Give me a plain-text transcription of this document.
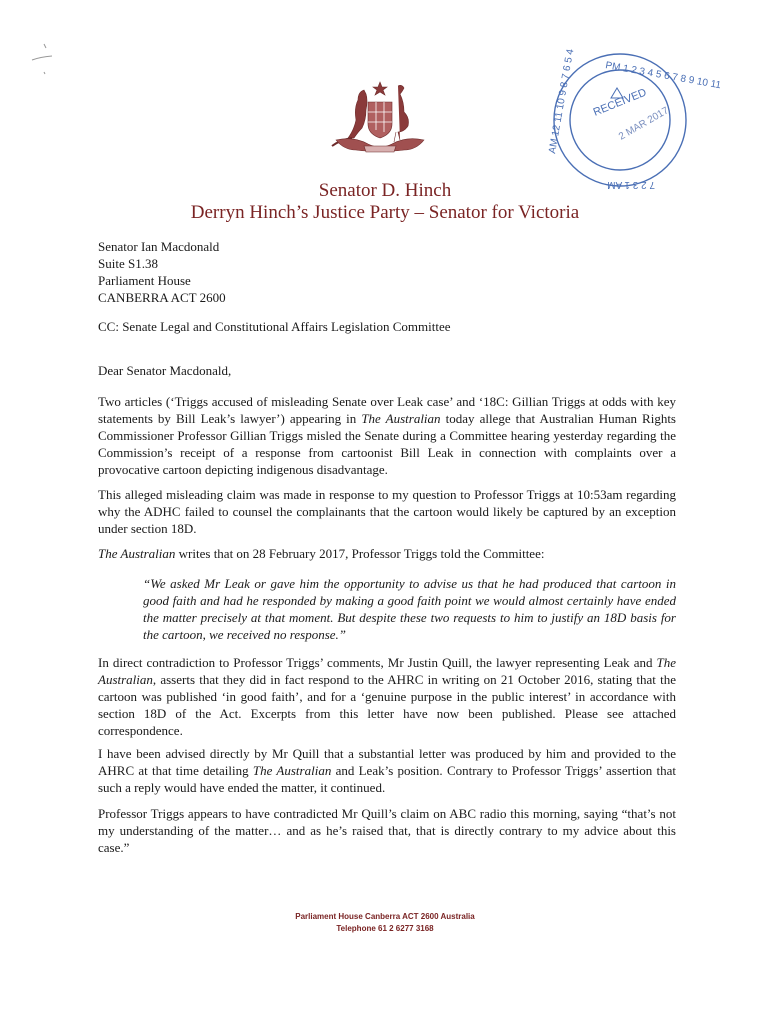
PM 1 2 3 4 5 6 7 8 9 10 11
AM 12 11 10 9 8 7 6 5 4
7 2 3 1 AM
RECEIVED
2 MAR 2017
Senator D. Hinch
Derryn Hinch’s Justice Party – Senator for Victoria
Senator Ian Macdonald
Suite S1.38
Parliament House
CANBERRA ACT 2600
CC: Senate Legal and Constitutional Affairs Legislation Committee
Dear Senator Macdonald,
Two articles (‘Triggs accused of misleading Senate over Leak case’ and ‘18C: Gillian Triggs at odds with key statements by Bill Leak’s lawyer’) appearing in The Australian today allege that Australian Human Rights Commissioner Professor Gillian Triggs misled the Senate during a Committee hearing yesterday regarding the Commission’s receipt of a response from cartoonist Bill Leak in connection with complaints over a provocative cartoon depicting indigenous disadvantage.
This alleged misleading claim was made in response to my question to Professor Triggs at 10:53am regarding why the ADHC failed to counsel the complainants that the cartoon would likely be captured by an exception under section 18D.
The Australian writes that on 28 February 2017, Professor Triggs told the Committee:
“We asked Mr Leak or gave him the opportunity to advise us that he had produced that cartoon in good faith and had he responded by making a good faith point we would almost certainly have ended the matter precisely at that moment. But despite these two requests to him to justify an 18D basis for the cartoon, we received no response.”
In direct contradiction to Professor Triggs’ comments, Mr Justin Quill, the lawyer representing Leak and The Australian, asserts that they did in fact respond to the AHRC in writing on 21 October 2016, stating that the cartoon was published ‘in good faith’, and for a ‘genuine purpose in the public interest’ in accordance with section 18D of the Act. Excerpts from this letter have now been published. Please see attached correspondence.
I have been advised directly by Mr Quill that a substantial letter was produced by him and provided to the AHRC at that time detailing The Australian and Leak’s position. Contrary to Professor Triggs’ assertion that such a reply would have ended the matter, it continued.
Professor Triggs appears to have contradicted Mr Quill’s claim on ABC radio this morning, saying “that’s not my understanding of the matter… and as he’s raised that, that is directly contrary to my advice about this case.”
Parliament House Canberra ACT 2600 Australia
Telephone 61 2 6277 3168
